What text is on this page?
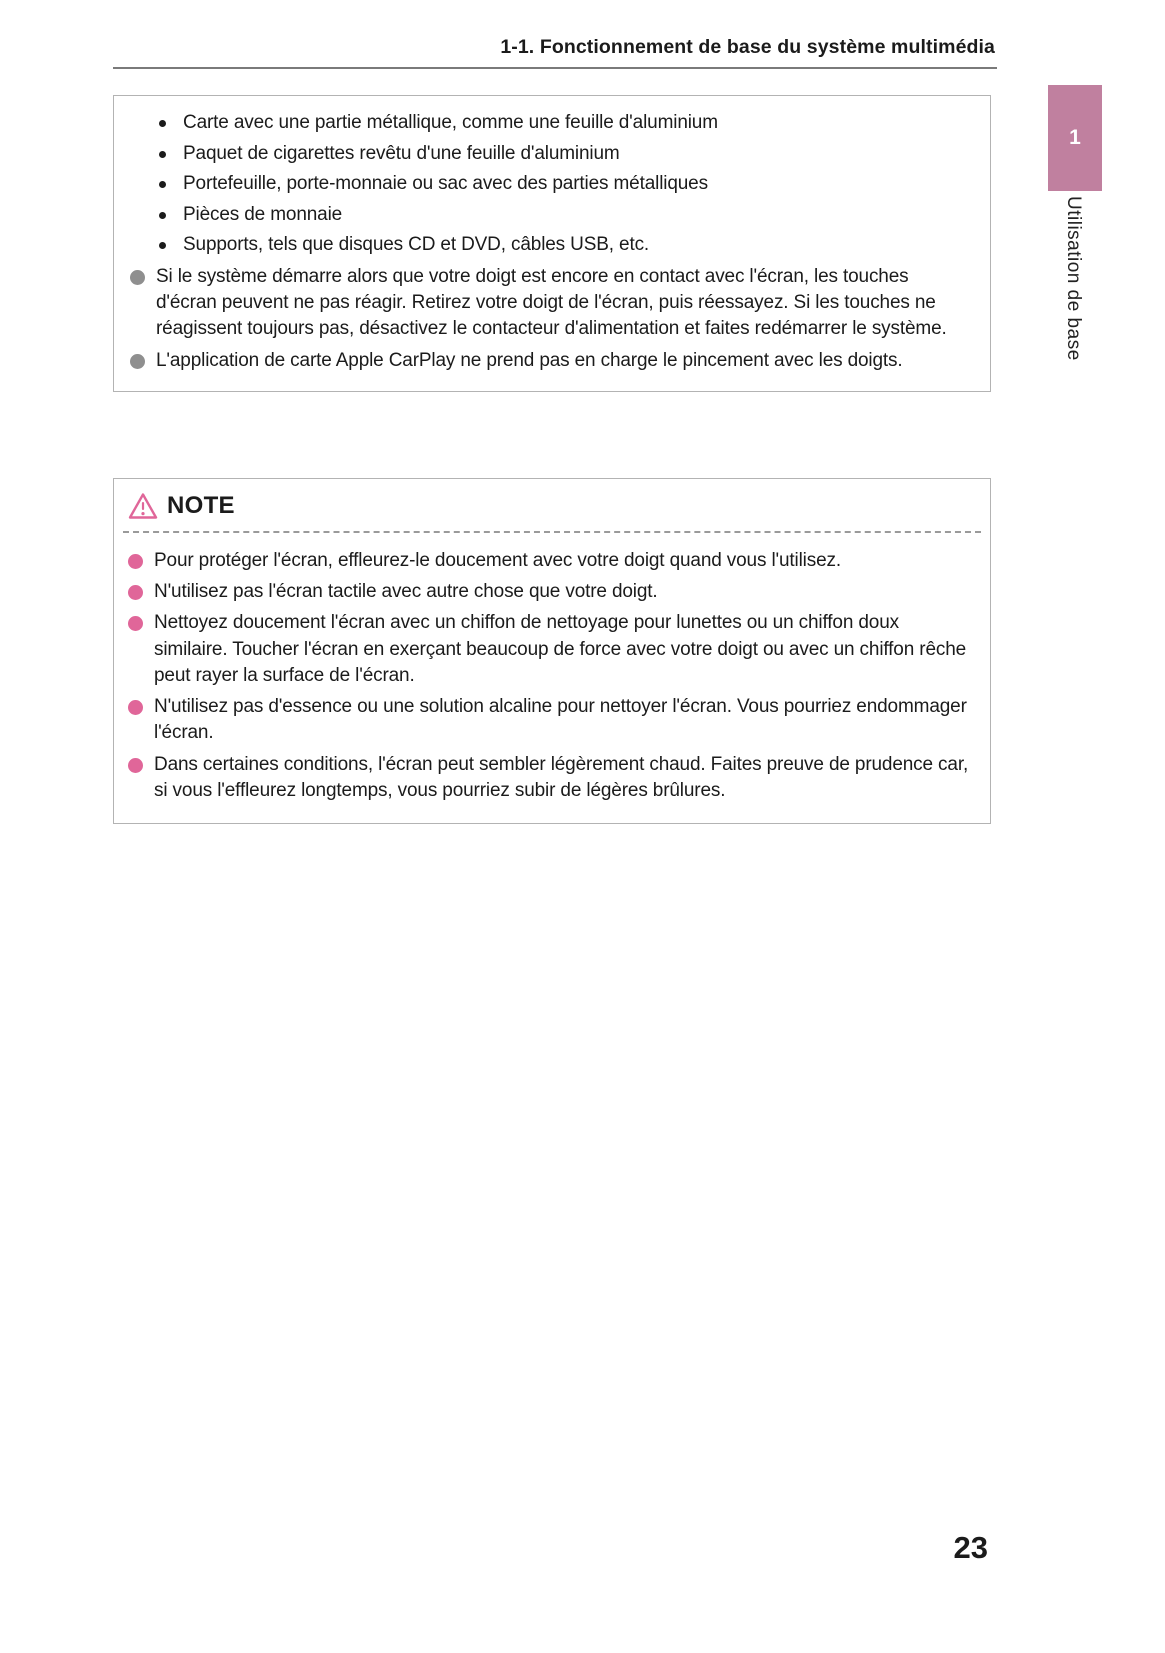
1-1. Fonctionnement de base du système multimédia
1
Utilisation de base
Carte avec une partie métallique, comme une feuille d'aluminium
Paquet de cigarettes revêtu d'une feuille d'aluminium
Portefeuille, porte-monnaie ou sac avec des parties métalliques
Pièces de monnaie
Supports, tels que disques CD et DVD, câbles USB, etc.
Si le système démarre alors que votre doigt est encore en contact avec l'écran, les touches d'écran peuvent ne pas réagir. Retirez votre doigt de l'écran, puis réessayez. Si les touches ne réagissent toujours pas, désactivez le contacteur d'alimentation et faites redémarrer le système.
L'application de carte Apple CarPlay ne prend pas en charge le pincement avec les doigts.
NOTE
Pour protéger l'écran, effleurez-le doucement avec votre doigt quand vous l'utilisez.
N'utilisez pas l'écran tactile avec autre chose que votre doigt.
Nettoyez doucement l'écran avec un chiffon de nettoyage pour lunettes ou un chiffon doux similaire. Toucher l'écran en exerçant beaucoup de force avec votre doigt ou avec un chiffon rêche peut rayer la surface de l'écran.
N'utilisez pas d'essence ou une solution alcaline pour nettoyer l'écran. Vous pourriez endommager l'écran.
Dans certaines conditions, l'écran peut sembler légèrement chaud. Faites preuve de prudence car, si vous l'effleurez longtemps, vous pourriez subir de légères brûlures.
23
